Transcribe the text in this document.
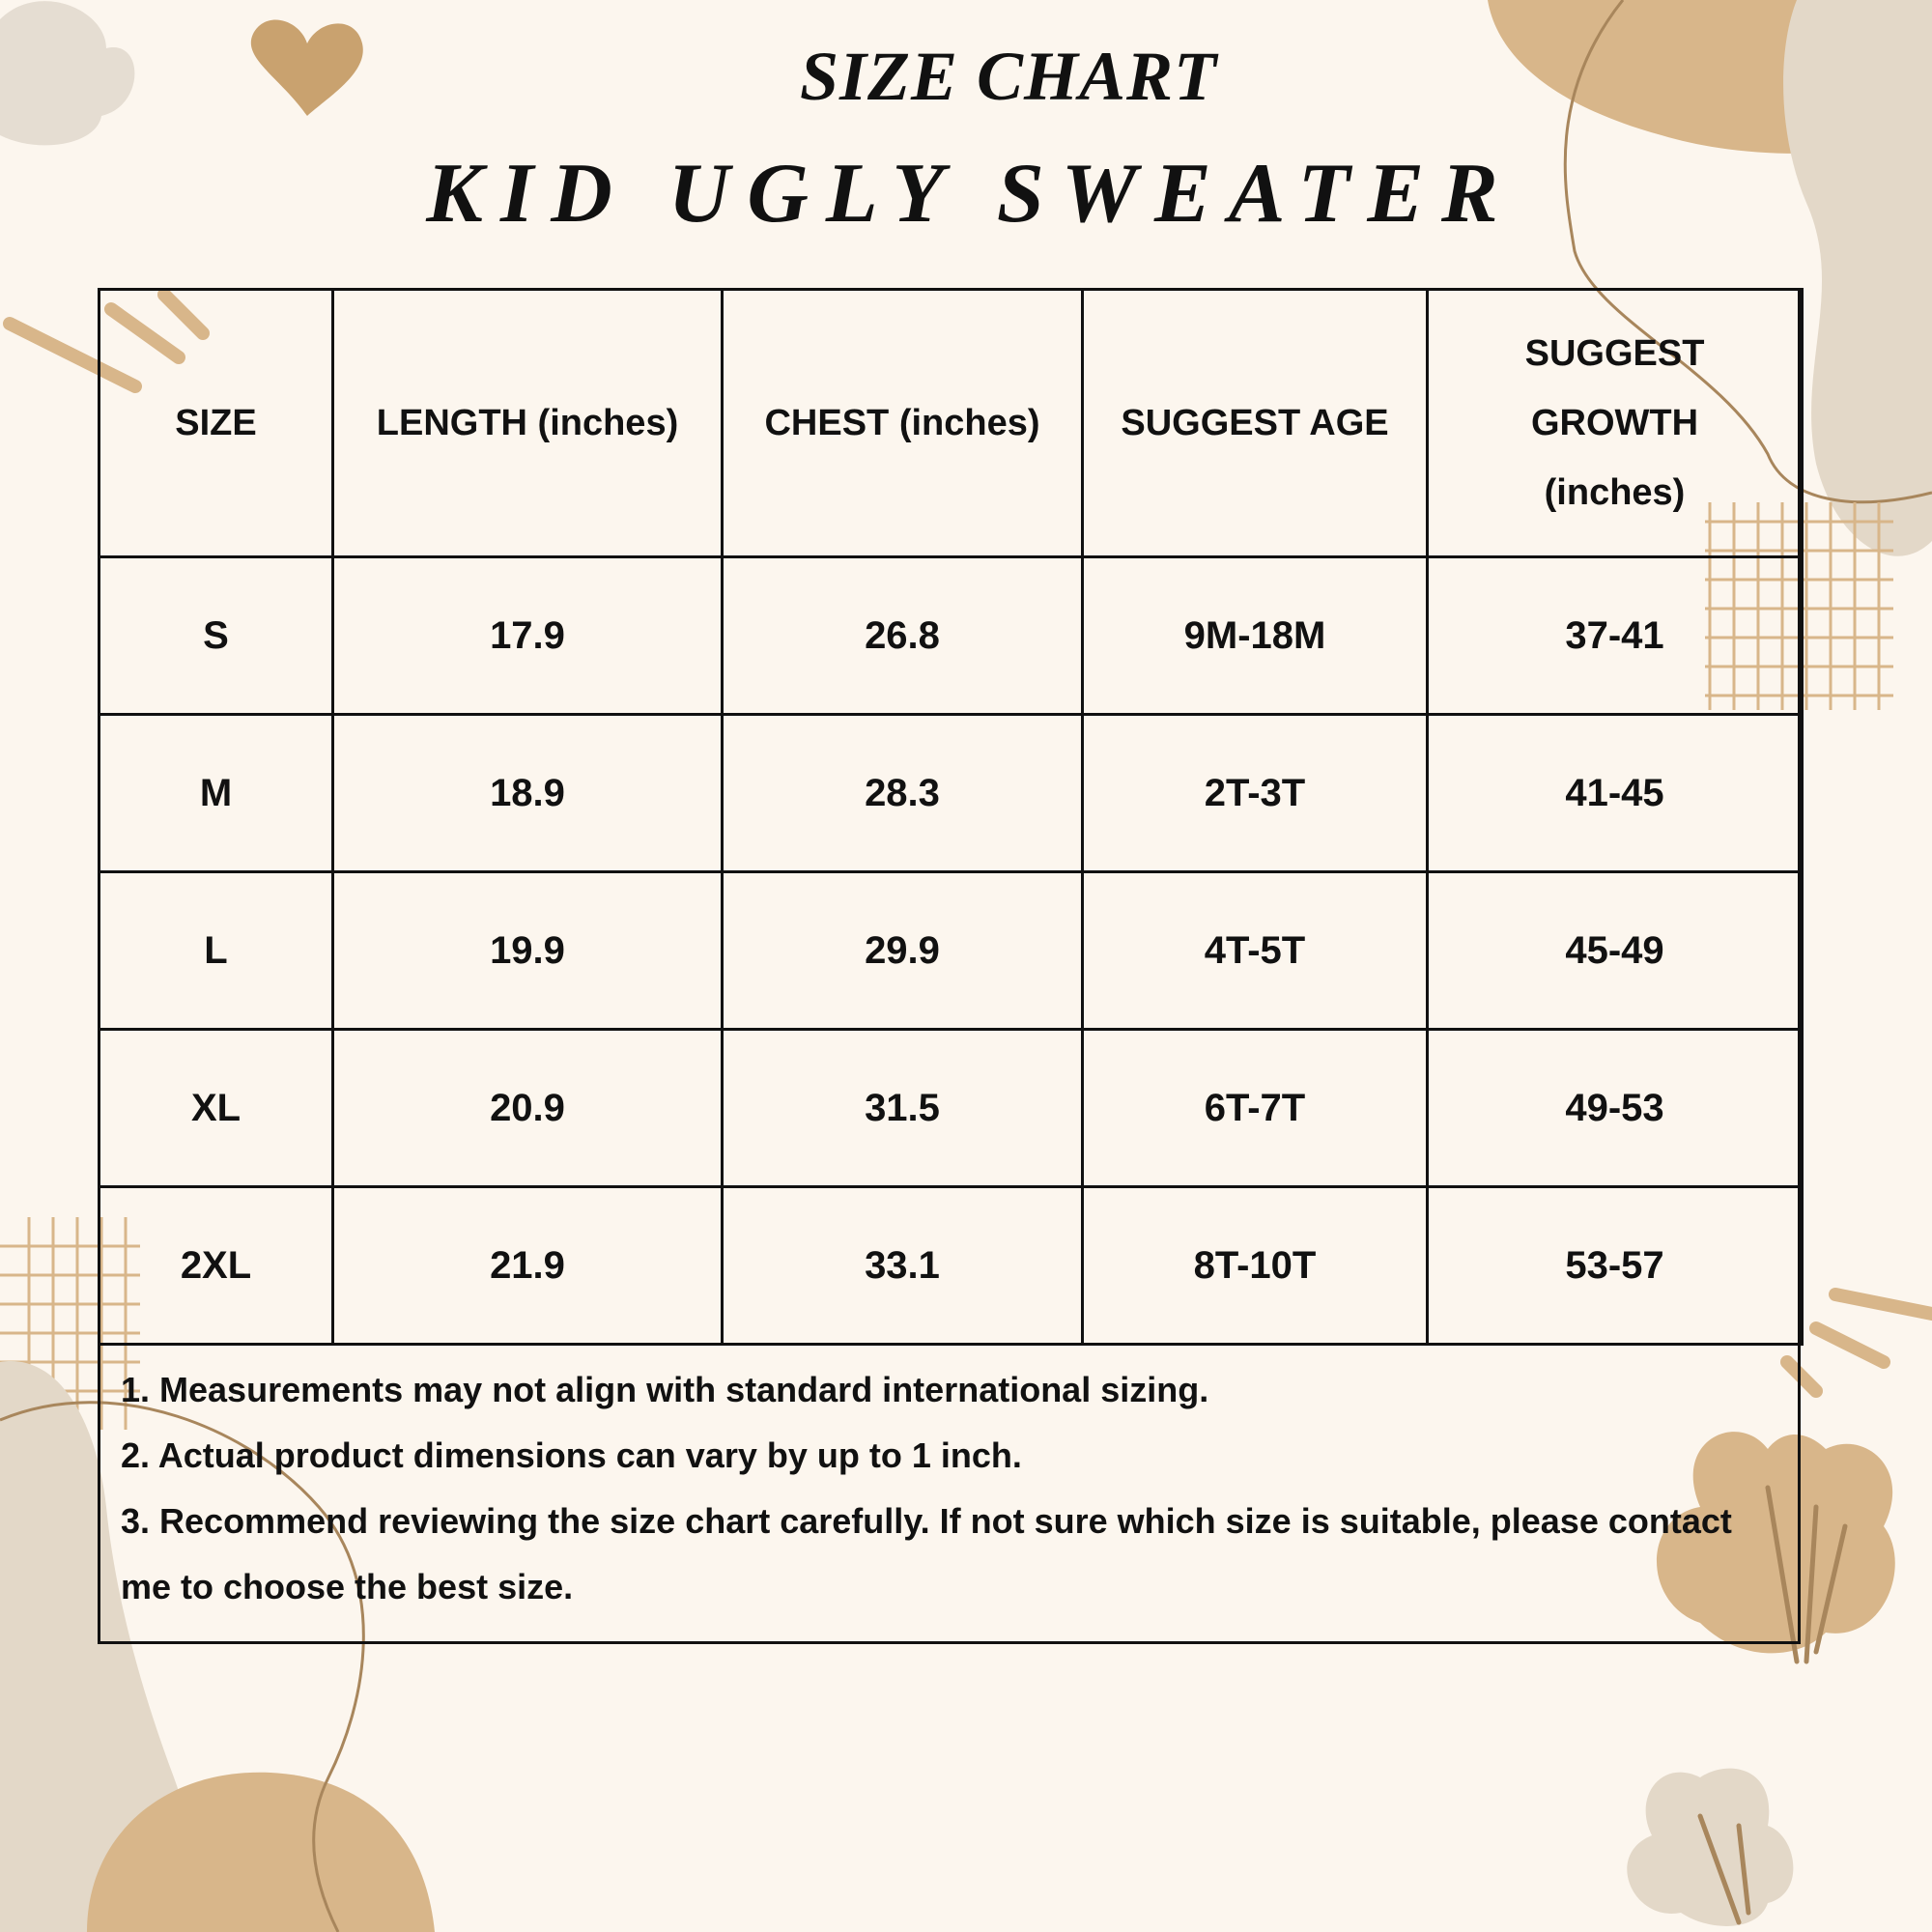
SIZE CHART
KID UGLY SWEATER
SIZE	LENGTH (inches)	CHEST (inches)	SUGGEST AGE	SUGGEST
GROWTH
(inches)

S	17.9	26.8	9M-18M	37-41
M	18.9	28.3	2T-3T	41-45
L	19.9	29.9	4T-5T	45-49
XL	20.9	31.5	6T-7T	49-53
2XL	21.9	33.1	8T-10T	53-57

1. Measurements may not align with standard international sizing.

2. Actual product dimensions can vary by up to 1 inch.

3. Recommend reviewing the size chart carefully. If not sure which size is suitable, please contact me to choose the best size.
